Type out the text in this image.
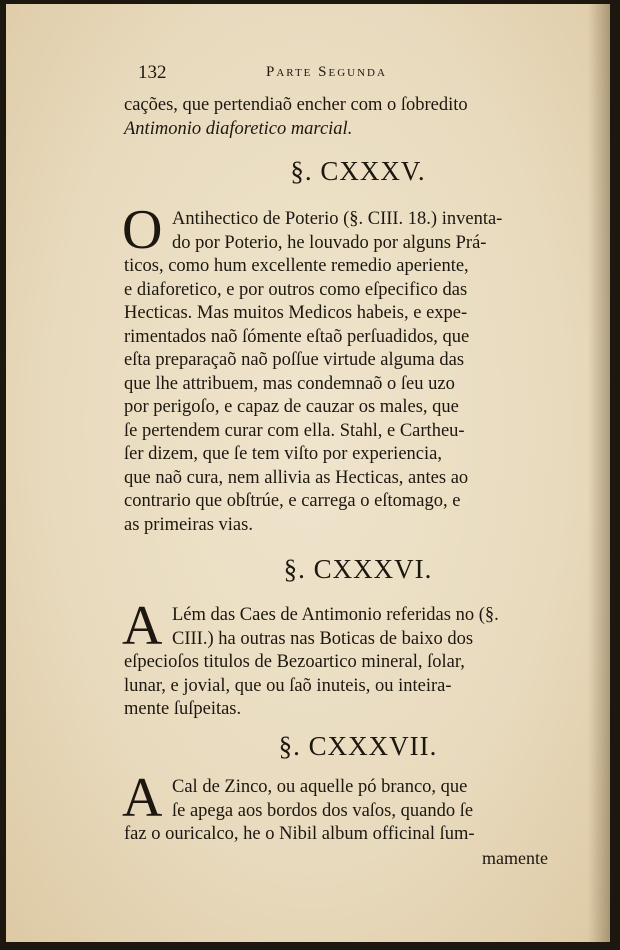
132	Parte Segunda
cações, que pertendiaõ encher com o ſobredito
Antimonio diaforetico marcial.
§. CXXXV.
O Antihectico de Poterio (§. CIII. 18.) inventa-
do por Poterio, he louvado por alguns Prá-
ticos, como hum excellente remedio aperiente,
e diaforetico, e por outros como eſpecifico das
Hecticas. Mas muitos Medicos habeis, e expe-
rimentados naõ ſómente eſtaõ perſuadidos, que
eſta preparaçaõ naõ poſſue virtude alguma das
que lhe attribuem, mas condemnaõ o ſeu uzo
por perigoſo, e capaz de cauzar os males, que
ſe pertendem curar com ella. Stahl, e Cartheu-
ſer dizem, que ſe tem viſto por experiencia,
que naõ cura, nem allivia as Hecticas, antes ao
contrario que obſtrúe, e carrega o eſtomago, e
as primeiras vias.
§. CXXXVI.
A Lém das Caes de Antimonio referidas no (§.
CIII.) ha outras nas Boticas de baixo dos
eſpecioſos titulos de Bezoartico mineral, ſolar,
lunar, e jovial, que ou ſaõ inuteis, ou inteira-
mente ſuſpeitas.
§. CXXXVII.
A Cal de Zinco, ou aquelle pó branco, que
ſe apega aos bordos dos vaſos, quando ſe
faz o ouricalco, he o Nibil album officinal ſum-
mamente
